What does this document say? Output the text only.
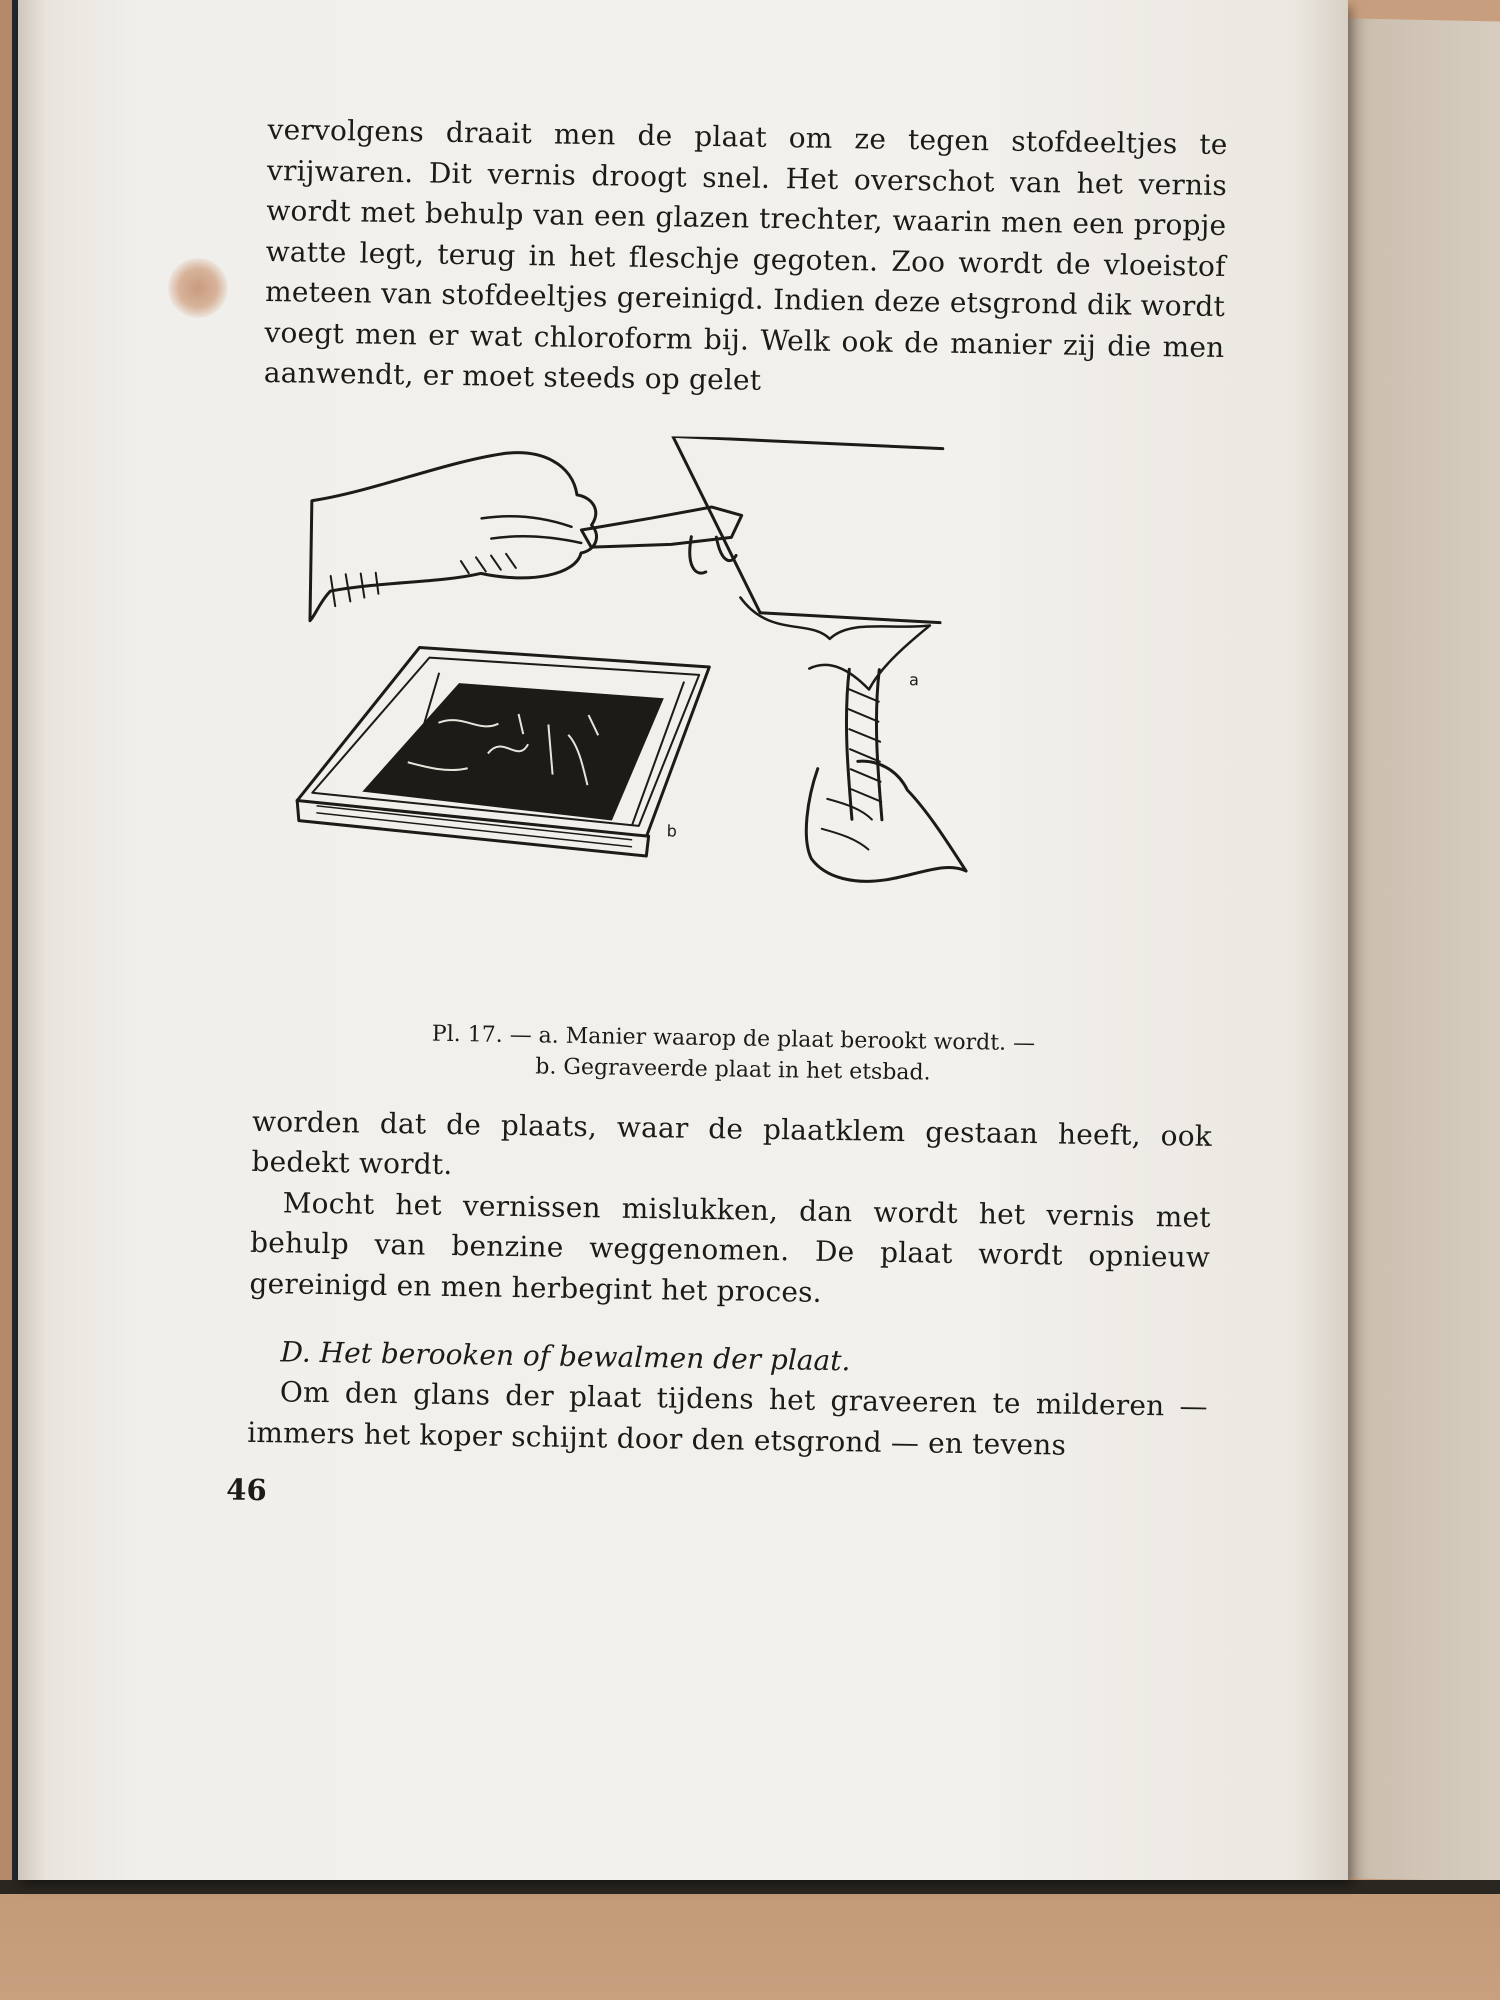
vervolgens draait men de plaat om ze tegen stofdeeltjes te vrijwaren. Dit vernis droogt snel. Het overschot van het vernis wordt met behulp van een glazen trechter, waarin men een propje watte legt, terug in het fleschje gegoten. Zoo wordt de vloeistof meteen van stofdeeltjes gereinigd. Indien deze etsgrond dik wordt voegt men er wat chloroform bij. Welk ook de manier zij die men aanwendt, er moet steeds op gelet

a
b
Pl. 17. — a. Manier waarop de plaat berookt wordt. —
b. Gegraveerde plaat in het etsbad.

worden dat de plaats, waar de plaatklem gestaan heeft, ook bedekt wordt.

Mocht het vernissen mislukken, dan wordt het vernis met behulp van benzine weggenomen. De plaat wordt opnieuw gereinigd en men herbegint het proces.

D. Het berooken of bewalmen der plaat.

Om den glans der plaat tijdens het graveeren te milderen — immers het koper schijnt door den etsgrond — en tevens

46
